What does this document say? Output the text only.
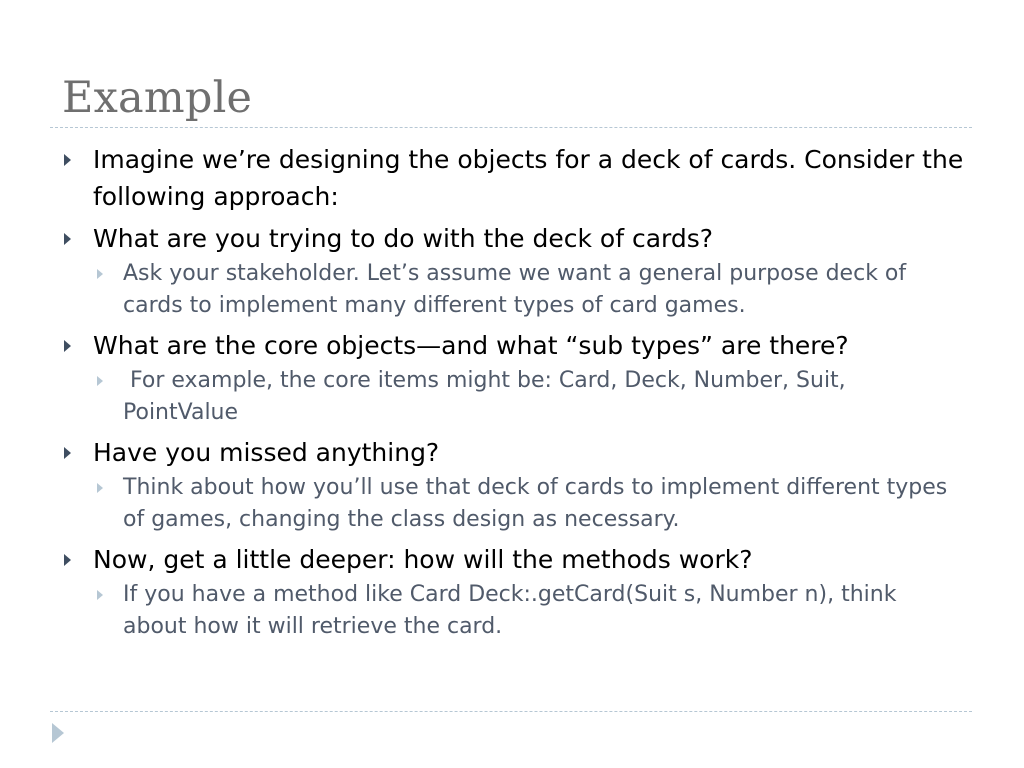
Example

Imagine we’re designing the objects for a deck of cards. Consider the following approach:

What are you trying to do with the deck of cards?

Ask your stakeholder. Let’s assume we want a general purpose deck of cards to implement many different types of card games.

What are the core objects—and what “sub types” are there?

For example, the core items might be: Card, Deck, Number, Suit, PointValue

Have you missed anything?

Think about how you’ll use that deck of cards to implement different types of games, changing the class design as necessary.

Now, get a little deeper: how will the methods work?

If you have a method like Card Deck:.getCard(Suit s, Number n), think about how it will retrieve the card.
